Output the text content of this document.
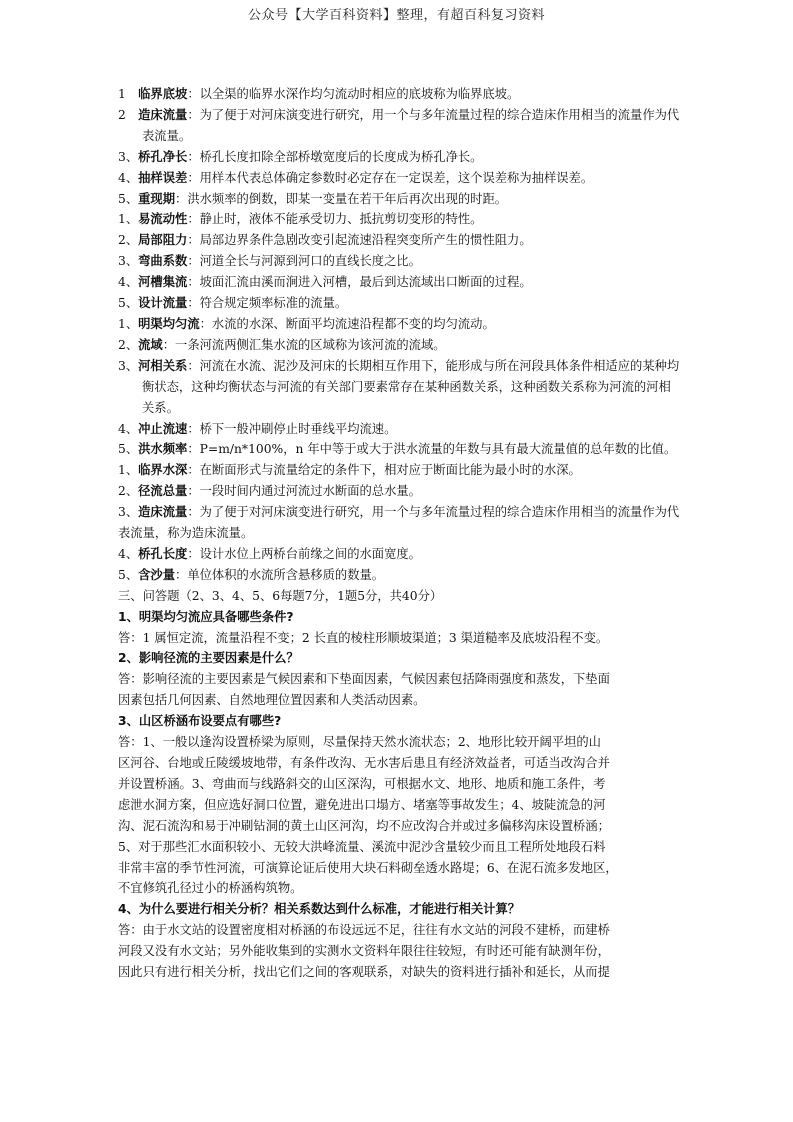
公众号【大学百科资料】整理，有超百科复习资料
1　临界底坡：以全渠的临界水深作均匀流动时相应的底坡称为临界底坡。
2　造床流量：为了便于对河床演变进行研究，用一个与多年流量过程的综合造床作用相当的流量作为代表流量。
3、桥孔净长：桥孔长度扣除全部桥墩宽度后的长度成为桥孔净长。
4、抽样误差：用样本代表总体确定参数时必定存在一定误差，这个误差称为抽样误差。
5、重现期：洪水频率的倒数，即某一变量在若干年后再次出现的时距。
1、易流动性：静止时，液体不能承受切力、抵抗剪切变形的特性。
2、局部阻力：局部边界条件急剧改变引起流速沿程突变所产生的惯性阻力。
3、弯曲系数：河道全长与河源到河口的直线长度之比。
4、河槽集流：坡面汇流由溪而涧进入河槽，最后到达流域出口断面的过程。
5、设计流量：符合规定频率标准的流量。
1、明渠均匀流：水流的水深、断面平均流速沿程都不变的均匀流动。
2、流域：一条河流两侧汇集水流的区域称为该河流的流域。
3、河相关系：河流在水流、泥沙及河床的长期相互作用下，能形成与所在河段具体条件相适应的某种均衡状态，这种均衡状态与河流的有关部门要素常存在某种函数关系，这种函数关系称为河流的河相关系。
4、冲止流速：桥下一般冲刷停止时垂线平均流速。
5、洪水频率：P=m/n*100%，n 年中等于或大于洪水流量的年数与具有最大流量值的总年数的比值。
1、临界水深：在断面形式与流量给定的条件下，相对应于断面比能为最小时的水深。
2、径流总量：一段时间内通过河流过水断面的总水量。
3、造床流量：为了便于对河床演变进行研究，用一个与多年流量过程的综合造床作用相当的流量作为代表流量，称为造床流量。
4、桥孔长度：设计水位上两桥台前缘之间的水面宽度。
5、含沙量：单位体积的水流所含悬移质的数量。
三、问答题（2、3、4、5、6每题7分，1题5分，共40分）
1、明渠均匀流应具备哪些条件?
答：1 属恒定流，流量沿程不变；2 长直的棱柱形顺坡渠道；3 渠道糙率及底坡沿程不变。
2、影响径流的主要因素是什么？
答：影响径流的主要因素是气候因素和下垫面因素，气候因素包括降雨强度和蒸发，下垫面
因素包括几何因素、自然地理位置因素和人类活动因素。
3、山区桥涵布设要点有哪些?
答：1、一般以逢沟设置桥梁为原则，尽量保持天然水流状态；2、地形比较开阔平坦的山
区河谷、台地或丘陵缓坡地带，有条件改沟、无水害后患且有经济效益者，可适当改沟合并
并设置桥涵。3、弯曲而与线路斜交的山区深沟，可根据水文、地形、地质和施工条件，考
虑泄水洞方案，但应选好洞口位置，避免进出口塌方、堵塞等事故发生；4、坡陡流急的河
沟、泥石流沟和易于冲刷钻洞的黄土山区河沟，均不应改沟合并或过多偏移沟床设置桥涵；
5、对于那些汇水面积较小、无较大洪峰流量、溪流中泥沙含量较少而且工程所处地段石料
非常丰富的季节性河流，可演算论证后使用大块石料砌垒透水路堤；6、在泥石流多发地区，
不宜修筑孔径过小的桥涵构筑物。
4、为什么要进行相关分析？相关系数达到什么标准，才能进行相关计算？
答：由于水文站的设置密度相对桥涵的布设远远不足，往往有水文站的河段不建桥，而建桥
河段又没有水文站；另外能收集到的实测水文资料年限往往较短，有时还可能有缺测年份，
因此只有进行相关分析，找出它们之间的客观联系，对缺失的资料进行插补和延长，从而提
